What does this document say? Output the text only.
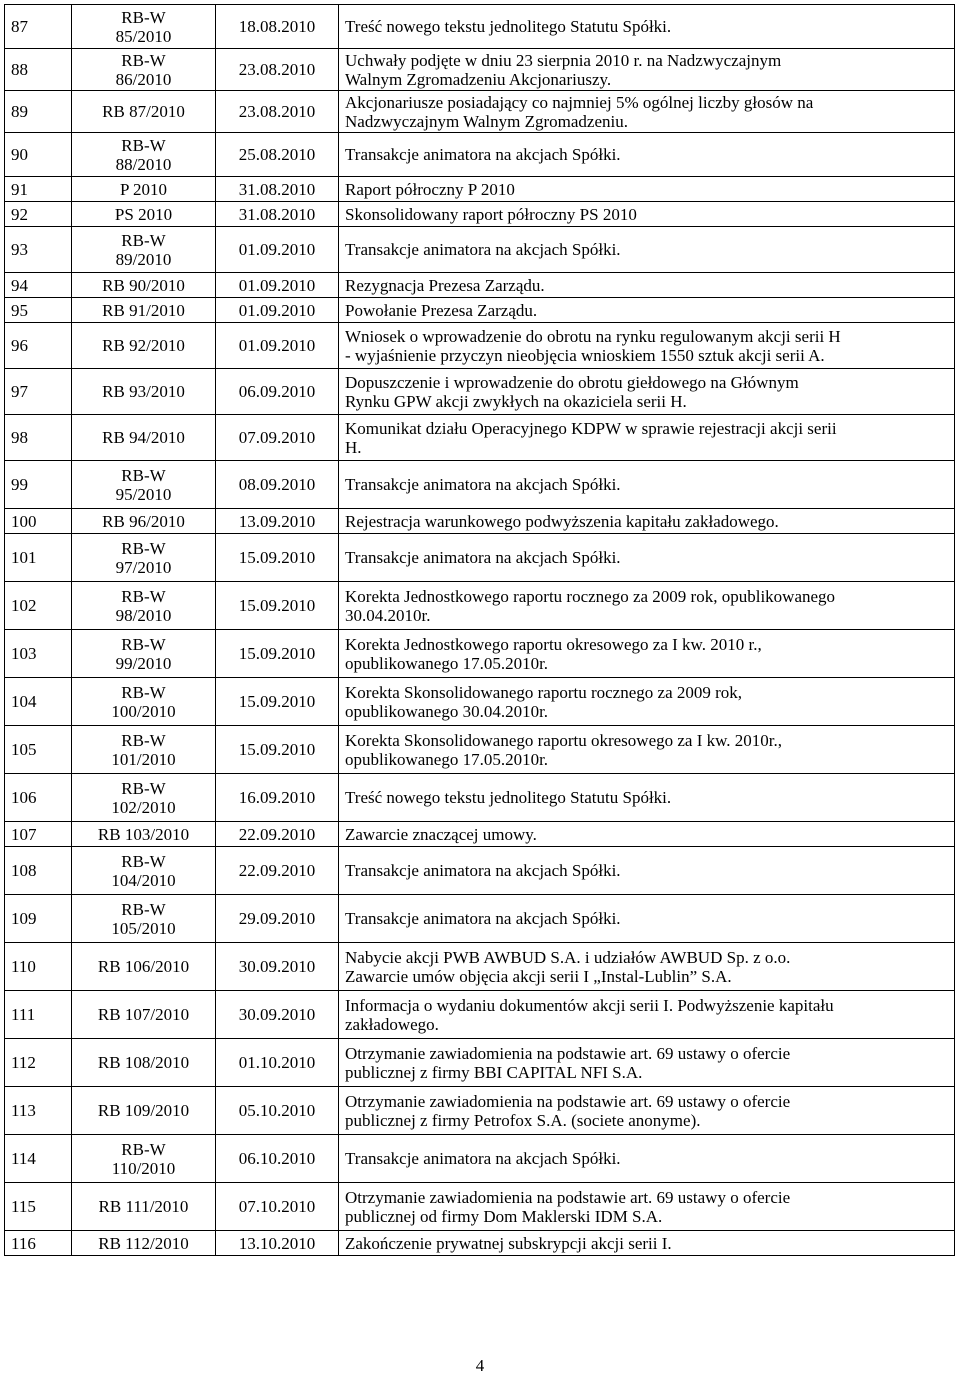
87	RB-W
85/2010	18.08.2010	Treść nowego tekstu jednolitego Statutu Spółki.

88	RB-W
86/2010	23.08.2010	Uchwały podjęte w dniu 23 sierpnia 2010 r. na Nadzwyczajnym
Walnym Zgromadzeniu Akcjonariuszy.

89	RB 87/2010	23.08.2010	Akcjonariusze posiadający co najmniej 5% ogólnej liczby głosów na
Nadzwyczajnym Walnym Zgromadzeniu.

90	RB-W
88/2010	25.08.2010	Transakcje animatora na akcjach Spółki.

91	P 2010	31.08.2010	Raport półroczny P 2010

92	PS 2010	31.08.2010	Skonsolidowany raport półroczny PS 2010

93	RB-W
89/2010	01.09.2010	Transakcje animatora na akcjach Spółki.

94	RB 90/2010	01.09.2010	Rezygnacja Prezesa Zarządu.

95	RB 91/2010	01.09.2010	Powołanie Prezesa Zarządu.

96	RB 92/2010	01.09.2010	Wniosek o wprowadzenie do obrotu na rynku regulowanym akcji serii H
- wyjaśnienie przyczyn nieobjęcia wnioskiem 1550 sztuk akcji serii A.

97	RB 93/2010	06.09.2010	Dopuszczenie i wprowadzenie do obrotu giełdowego na Głównym
Rynku GPW akcji zwykłych na okaziciela serii H.

98	RB 94/2010	07.09.2010	Komunikat działu Operacyjnego KDPW w sprawie rejestracji akcji serii
H.

99	RB-W
95/2010	08.09.2010	Transakcje animatora na akcjach Spółki.

100	RB 96/2010	13.09.2010	Rejestracja warunkowego podwyższenia kapitału zakładowego.

101	RB-W
97/2010	15.09.2010	Transakcje animatora na akcjach Spółki.

102	RB-W
98/2010	15.09.2010	Korekta Jednostkowego raportu rocznego za 2009 rok, opublikowanego
30.04.2010r.

103	RB-W
99/2010	15.09.2010	Korekta Jednostkowego raportu okresowego za I kw. 2010 r.,
opublikowanego 17.05.2010r.

104	RB-W
100/2010	15.09.2010	Korekta Skonsolidowanego raportu rocznego za 2009 rok,
opublikowanego 30.04.2010r.

105	RB-W
101/2010	15.09.2010	Korekta Skonsolidowanego raportu okresowego za I kw. 2010r.,
opublikowanego 17.05.2010r.

106	RB-W
102/2010	16.09.2010	Treść nowego tekstu jednolitego Statutu Spółki.

107	RB 103/2010	22.09.2010	Zawarcie znaczącej umowy.

108	RB-W
104/2010	22.09.2010	Transakcje animatora na akcjach Spółki.

109	RB-W
105/2010	29.09.2010	Transakcje animatora na akcjach Spółki.

110	RB 106/2010	30.09.2010	Nabycie akcji PWB AWBUD S.A. i udziałów AWBUD Sp. z o.o.
Zawarcie umów objęcia akcji serii I „Instal-Lublin” S.A.

111	RB 107/2010	30.09.2010	Informacja o wydaniu dokumentów akcji serii I. Podwyższenie kapitału
zakładowego.

112	RB 108/2010	01.10.2010	Otrzymanie zawiadomienia na podstawie art. 69 ustawy o ofercie
publicznej z firmy BBI CAPITAL NFI S.A.

113	RB 109/2010	05.10.2010	Otrzymanie zawiadomienia na podstawie art. 69 ustawy o ofercie
publicznej z firmy Petrofox S.A. (societe anonyme).

114	RB-W
110/2010	06.10.2010	Transakcje animatora na akcjach Spółki.

115	RB 111/2010	07.10.2010	Otrzymanie zawiadomienia na podstawie art. 69 ustawy o ofercie
publicznej od firmy Dom Maklerski IDM S.A.

116	RB 112/2010	13.10.2010	Zakończenie prywatnej subskrypcji akcji serii I.
4
